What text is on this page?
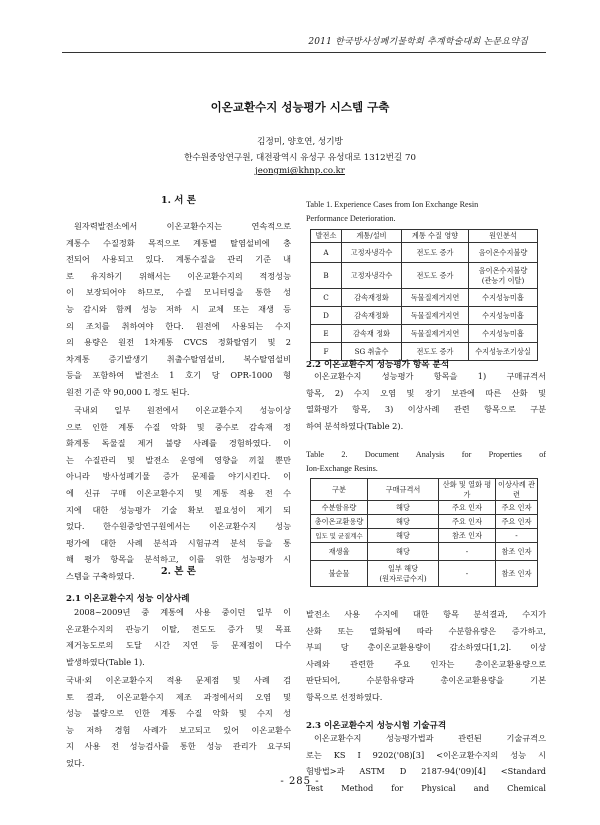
2011 한국방사성폐기물학회 추계학술대회 논문요약집
이온교환수지 성능평가 시스템 구축
김정미, 양호연, 성기방
한수원중앙연구원, 대전광역시 유성구 유성대로 1312번길 70
jeongmi@khnp.co.kr
1. 서 론
원자력발전소에서 이온교환수지는 연속적으로
계통수 수질정화 목적으로 계통별 탈염설비에 충
전되어 사용되고 있다. 계통수질을 관리 기준 내
로 유지하기 위해서는 이온교환수지의 적정성능
이 보장되어야 하므로, 수질 모니터링을 통한 성
능 감시와 함께 성능 저하 시 교체 또는 재생 등
의 조치를 취하여야 한다. 원전에 사용되는 수지
의 용량은 원전 1차계통 CVCS 정화탈염기 및 2
차계통 증기발생기 취출수탈염설비, 복수탈염설비
등을 포함하여 발전소 1 호기 당 OPR-1000 형
원전 기준 약 90,000 L 정도 된다.
국내외 일부 원전에서 이온교환수지 성능이상
으로 인한 계통 수질 악화 및 중수로 감속재 정
화계통 독물질 제거 불량 사례를 경험하였다. 이
는 수질관리 및 발전소 운영에 영향을 끼칠 뿐만
아니라 방사성폐기물 증가 문제를 야기시킨다. 이
에 신규 구매 이온교환수지 및 계통 적용 전 수
지에 대한 성능평가 기술 확보 필요성이 제기 되
었다. 한수원중앙연구원에서는 이온교환수지 성능
평가에 대한 사례 분석과 시험규격 분석 등을 통
해 평가 항목을 분석하고, 이를 위한 성능평가 시
스템을 구축하였다.	2. 본 론
2.1 이온교환수지 성능 이상사례
2008~2009년 중 계통에 사용 중이던 일부 이
온교환수지의 관능기 이탈, 전도도 증가 및 목표
제거농도로의 도달 시간 지연 등 문제점이 다수
발생하였다(Table 1).
국내·외 이온교환수지 적용 문제점 및 사례 검
토 결과, 이온교환수지 제조 과정에서의 오염 및
성능 불량으로 인한 계통 수질 악화 및 수지 성
능 저하 경험 사례가 보고되고 있어 이온교환수
지 사용 전 성능검사를 통한 성능 관리가 요구되
었다.
Table 1. Experience Cases from Ion Exchange Resin
Performance Deterioration.
발전소	계통/설비	계통 수질 영향	원인분석
A	고정자냉각수	전도도 증가	음이온수지불량
B	고정자냉각수	전도도 증가	음이온수지불량
(관능기 이탈)

C	감속재정화	독물질제거지연	수지성능미흡
D	감속재정화	독물질제거지연	수지성능미흡
E	감속재 정화	독물질제거지연	수지성능미흡
F	SG 취출수	전도도 증가	수지성능조기상실
2.2 이온교환수지 성능평가 항목 분석
이온교환수지 성능평가 항목을 1) 구매규격서
항목, 2) 수지 오염 및 장기 보관에 따른 산화 및
열화평가 항목, 3) 이상사례 관련 항목으로 구분
하여 분석하였다(Table 2).
Table 2. Document Analysis for Properties of
Ion-Exchange Resins.
구분	구매규격서	산화 및 열화 평가	이상사례 관련
수분함유량	해당	주요 인자	주요 인자
총이온교환용량	해당	주요 인자	주요 인자
입도 및 균질계수	해당	참조 인자	-
재생율	해당	-	참조 인자
불순물	일부 해당
(원자로급수지)	-	참조 인자
발전소 사용 수지에 대한 항목 분석결과, 수지가
산화 또는 열화됨에 따라 수분함유량은 증가하고,
부피 당 총이온교환용량이 감소하였다[1,2]. 이상
사례와 관련한 주요 인자는 총이온교환용량으로
판단되어, 수분함유량과 총이온교환용량을 기본
항목으로 선정하였다.
2.3 이온교환수지 성능시험 기술규격
이온교환수지 성능평가법과 관련된 기술규격으
로는 KS I 9202('08)[3] <이온교환수지의 성능 시
험방법>과 ASTM D 2187-94('09)[4] <Standard
Test Method for Physical and Chemical
- 285 -
